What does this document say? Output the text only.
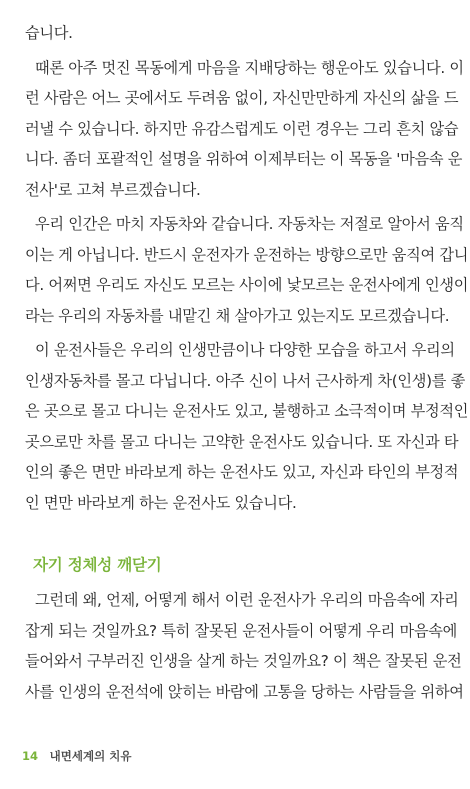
습니다.
때론 아주 멋진 목동에게 마음을 지배당하는 행운아도 있습니다. 이
런 사람은 어느 곳에서도 두려움 없이, 자신만만하게 자신의 삶을 드
러낼 수 있습니다. 하지만 유감스럽게도 이런 경우는 그리 흔치 않습
니다. 좀더 포괄적인 설명을 위하여 이제부터는 이 목동을 '마음속 운
전사'로 고쳐 부르겠습니다.
우리 인간은 마치 자동차와 같습니다. 자동차는 저절로 알아서 움직
이는 게 아닙니다. 반드시 운전자가 운전하는 방향으로만 움직여 갑니
다. 어쩌면 우리도 자신도 모르는 사이에 낯모르는 운전사에게 인생이
라는 우리의 자동차를 내맡긴 채 살아가고 있는지도 모르겠습니다.
이 운전사들은 우리의 인생만큼이나 다양한 모습을 하고서 우리의
인생자동차를 몰고 다닙니다. 아주 신이 나서 근사하게 차(인생)를 좋
은 곳으로 몰고 다니는 운전사도 있고, 불행하고 소극적이며 부정적인
곳으로만 차를 몰고 다니는 고약한 운전사도 있습니다. 또 자신과 타
인의 좋은 면만 바라보게 하는 운전사도 있고, 자신과 타인의 부정적
인 면만 바라보게 하는 운전사도 있습니다.
자기 정체성 깨닫기
그런데 왜, 언제, 어떻게 해서 이런 운전사가 우리의 마음속에 자리
잡게 되는 것일까요? 특히 잘못된 운전사들이 어떻게 우리 마음속에
들어와서 구부러진 인생을 살게 하는 것일까요? 이 책은 잘못된 운전
사를 인생의 운전석에 앉히는 바람에 고통을 당하는 사람들을 위하여
14 내면세계의 치유
